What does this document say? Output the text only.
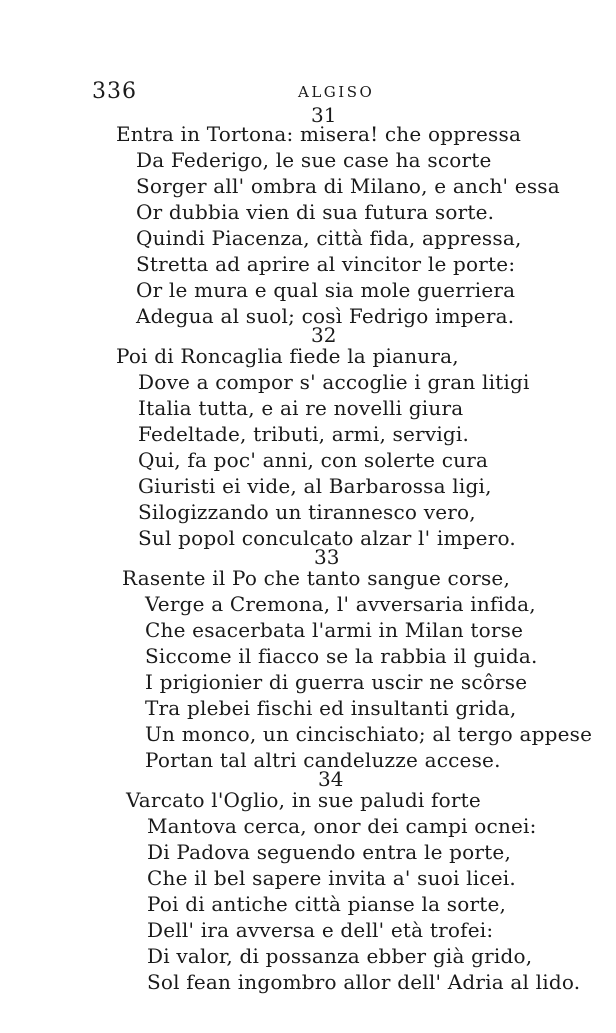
336	ALGISO
31
Entra in Tortona: misera! che oppressa
Da Federigo, le sue case ha scorte
Sorger all' ombra di Milano, e anch' essa
Or dubbia vien di sua futura sorte.
Quindi Piacenza, città fida, appressa,
Stretta ad aprire al vincitor le porte:
Or le mura e qual sia mole guerriera
Adegua al suol; così Fedrigo impera.
32
Poi di Roncaglia fiede la pianura,
Dove a compor s' accoglie i gran litigi
Italia tutta, e ai re novelli giura
Fedeltade, tributi, armi, servigi.
Qui, fa poc' anni, con solerte cura
Giuristi ei vide, al Barbarossa ligi,
Silogizzando un tirannesco vero,
Sul popol conculcato alzar l' impero.
33
Rasente il Po che tanto sangue corse,
Verge a Cremona, l' avversaria infida,
Che esacerbata l'armi in Milan torse
Siccome il fiacco se la rabbia il guida.
I prigionier di guerra uscir ne scôrse
Tra plebei fischi ed insultanti grida,
Un monco, un cincischiato; al tergo appese
Portan tal altri candeluzze accese.
34
Varcato l'Oglio, in sue paludi forte
Mantova cerca, onor dei campi ocnei:
Di Padova seguendo entra le porte,
Che il bel sapere invita a' suoi licei.
Poi di antiche città pianse la sorte,
Dell' ira avversa e dell' età trofei:
Di valor, di possanza ebber già grido,
Sol fean ingombro allor dell' Adria al lido.
